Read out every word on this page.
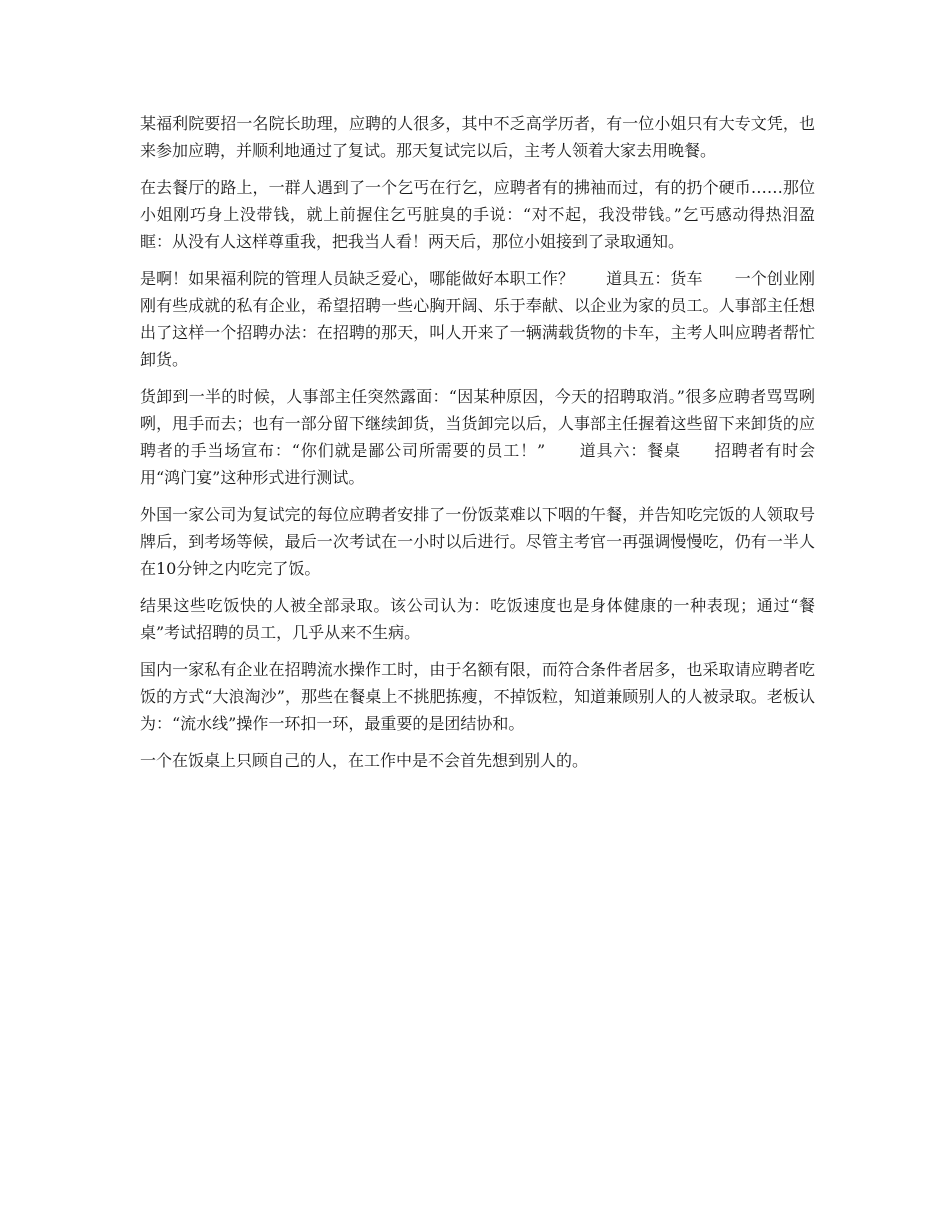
某福利院要招一名院长助理，应聘的人很多，其中不乏高学历者，有一位小姐只有大专文凭，也来参加应聘，并顺利地通过了复试。那天复试完以后，主考人领着大家去用晚餐。

在去餐厅的路上，一群人遇到了一个乞丐在行乞，应聘者有的拂袖而过，有的扔个硬币……那位小姐刚巧身上没带钱，就上前握住乞丐脏臭的手说：“对不起，我没带钱。”乞丐感动得热泪盈眶：从没有人这样尊重我，把我当人看！两天后，那位小姐接到了录取通知。

是啊！如果福利院的管理人员缺乏爱心，哪能做好本职工作？　　道具五：货车　　一个创业刚刚有些成就的私有企业，希望招聘一些心胸开阔、乐于奉献、以企业为家的员工。人事部主任想出了这样一个招聘办法：在招聘的那天，叫人开来了一辆满载货物的卡车，主考人叫应聘者帮忙卸货。

货卸到一半的时候，人事部主任突然露面：“因某种原因，今天的招聘取消。”很多应聘者骂骂咧咧，甩手而去；也有一部分留下继续卸货，当货卸完以后，人事部主任握着这些留下来卸货的应聘者的手当场宣布：“你们就是鄙公司所需要的员工！”　　道具六：餐桌　　招聘者有时会用“鸿门宴”这种形式进行测试。

外国一家公司为复试完的每位应聘者安排了一份饭菜难以下咽的午餐，并告知吃完饭的人领取号牌后，到考场等候，最后一次考试在一小时以后进行。尽管主考官一再强调慢慢吃，仍有一半人在10分钟之内吃完了饭。

结果这些吃饭快的人被全部录取。该公司认为：吃饭速度也是身体健康的一种表现；通过“餐桌”考试招聘的员工，几乎从来不生病。

国内一家私有企业在招聘流水操作工时，由于名额有限，而符合条件者居多，也采取请应聘者吃饭的方式“大浪淘沙”，那些在餐桌上不挑肥拣瘦，不掉饭粒，知道兼顾别人的人被录取。老板认为：“流水线”操作一环扣一环，最重要的是团结协和。

一个在饭桌上只顾自己的人，在工作中是不会首先想到别人的。
